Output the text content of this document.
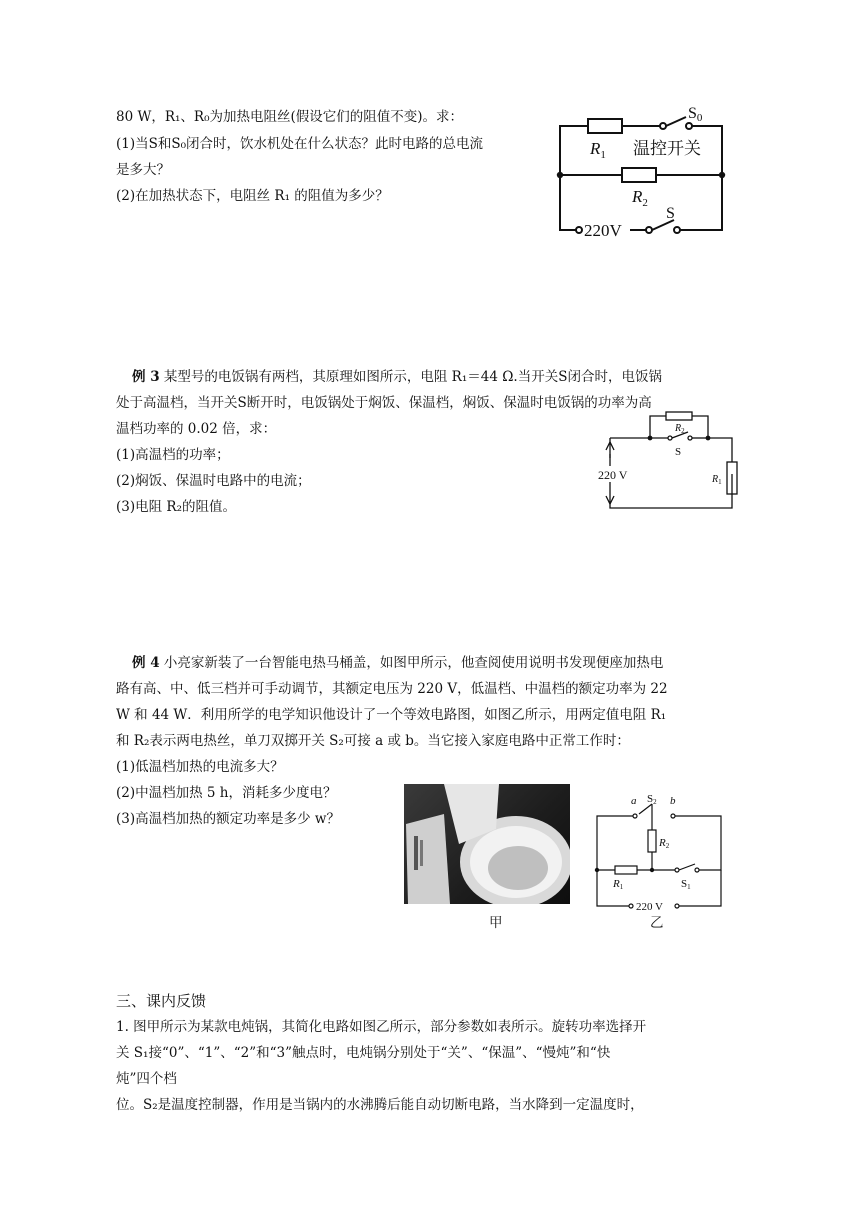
80 W，R₁、R₀为加热电阻丝(假设它们的阻值不变)。求：
(1)当S和S₀闭合时，饮水机处在什么状态？此时电路的总电流
是多大？
(2)在加热状态下，电阻丝 R₁ 的阻值为多少？
S0
$R_1$ 温控开关
$R_2$
220V
S
例 3 某型号的电饭锅有两档，其原理如图所示，电阻 R₁＝44 Ω.当开关S闭合时，电饭锅
处于高温档，当开关S断开时，电饭锅处于焖饭、保温档，焖饭、保温时电饭锅的功率为高
温档功率的 0.02 倍，求：
(1)高温档的功率；
(2)焖饭、保温时电路中的电流；
(3)电阻 R₂的阻值。
$R_2$
S
220 V	$R_1$
例 4 小亮家新装了一台智能电热马桶盖，如图甲所示，他查阅使用说明书发现便座加热电
路有高、中、低三档并可手动调节，其额定电压为 220 V，低温档、中温档的额定功率为 22
W 和 44 W．利用所学的电学知识他设计了一个等效电路图，如图乙所示，用两定值电阻 R₁
和 R₂表示两电热丝，单刀双掷开关 S₂可接 a 或 b。当它接入家庭电路中正常工作时：
(1)低温档加热的电流多大？
(2)中温档加热 5 h，消耗多少度电？
(3)高温档加热的额定功率是多少 w？
甲	乙
a S2 b
R2
R1	S1
220 V
三、课内反馈
1. 图甲所示为某款电炖锅，其简化电路如图乙所示，部分参数如表所示。旋转功率选择开
关 S₁接“0”、“1”、“2”和“3”触点时，电炖锅分别处于“关”、“保温”、“慢炖”和“快
炖”四个档
位。S₂是温度控制器，作用是当锅内的水沸腾后能自动切断电路，当水降到一定温度时，
